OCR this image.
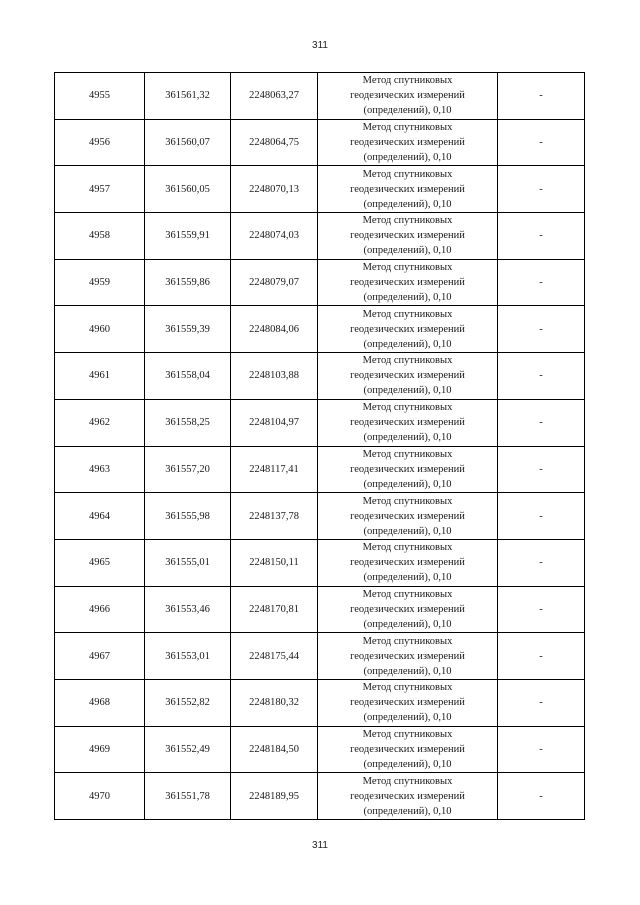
311
4955	361561,32	2248063,27	Метод спутниковых
геодезических измерений
(определений), 0,10	-
4956	361560,07	2248064,75	Метод спутниковых
геодезических измерений
(определений), 0,10	-
4957	361560,05	2248070,13	Метод спутниковых
геодезических измерений
(определений), 0,10	-
4958	361559,91	2248074,03	Метод спутниковых
геодезических измерений
(определений), 0,10	-
4959	361559,86	2248079,07	Метод спутниковых
геодезических измерений
(определений), 0,10	-
4960	361559,39	2248084,06	Метод спутниковых
геодезических измерений
(определений), 0,10	-
4961	361558,04	2248103,88	Метод спутниковых
геодезических измерений
(определений), 0,10	-
4962	361558,25	2248104,97	Метод спутниковых
геодезических измерений
(определений), 0,10	-
4963	361557,20	2248117,41	Метод спутниковых
геодезических измерений
(определений), 0,10	-
4964	361555,98	2248137,78	Метод спутниковых
геодезических измерений
(определений), 0,10	-
4965	361555,01	2248150,11	Метод спутниковых
геодезических измерений
(определений), 0,10	-
4966	361553,46	2248170,81	Метод спутниковых
геодезических измерений
(определений), 0,10	-
4967	361553,01	2248175,44	Метод спутниковых
геодезических измерений
(определений), 0,10	-
4968	361552,82	2248180,32	Метод спутниковых
геодезических измерений
(определений), 0,10	-
4969	361552,49	2248184,50	Метод спутниковых
геодезических измерений
(определений), 0,10	-
4970	361551,78	2248189,95	Метод спутниковых
геодезических измерений
(определений), 0,10	-
311
